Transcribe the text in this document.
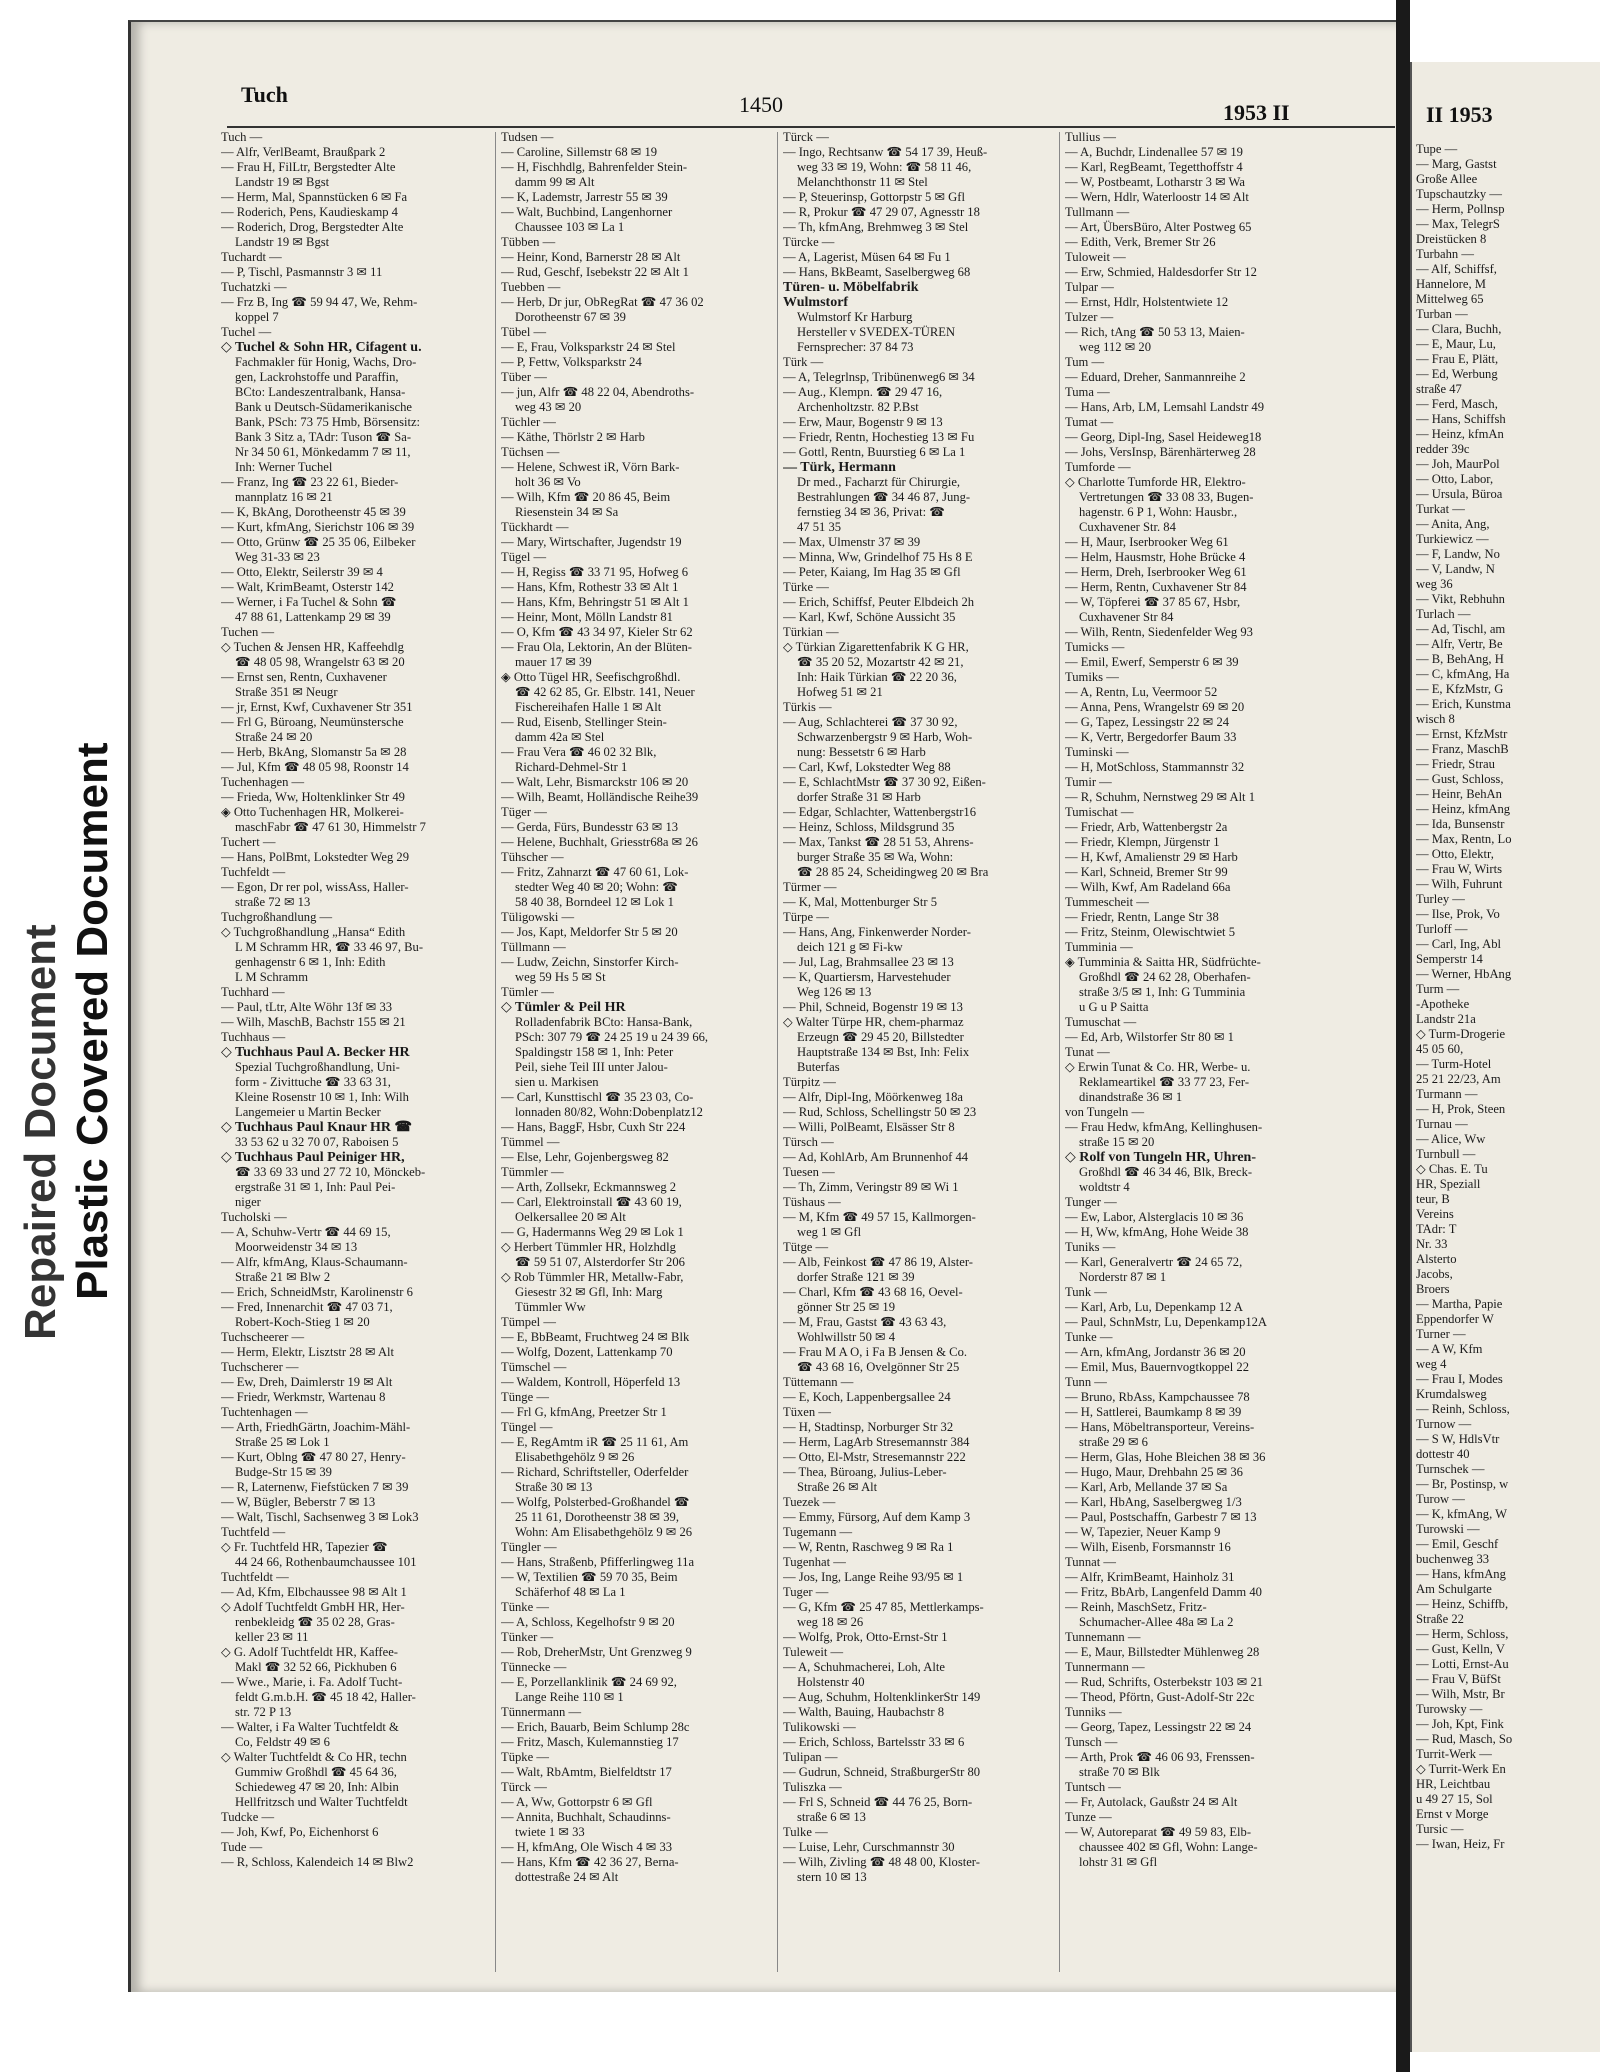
Repaired Document Plastic Covered Document
Tuch	1450	1953 II

Tuch —

— Alfr, VerlBeamt, Braußpark 2

— Frau H, FilLtr, Bergstedter Alte

Landstr 19 ✉ Bgst

— Herm, Mal, Spannstücken 6 ✉ Fa

— Roderich, Pens, Kaudieskamp 4

— Roderich, Drog, Bergstedter Alte

Landstr 19 ✉ Bgst

Tuchardt —

— P, Tischl, Pasmannstr 3 ✉ 11

Tuchatzki —

— Frz B, Ing ☎ 59 94 47, We, Rehm-

koppel 7

Tuchel —

◇ Tuchel & Sohn HR, Cifagent u.

Fachmakler für Honig, Wachs, Dro-

gen, Lackrohstoffe und Paraffin,

BCto: Landeszentralbank, Hansa-

Bank u Deutsch-Südamerikanische

Bank, PSch: 73 75 Hmb, Börsensitz:

Bank 3 Sitz a, TAdr: Tuson ☎ Sa-

Nr 34 50 61, Mönkedamm 7 ✉ 11,

Inh: Werner Tuchel

— Franz, Ing ☎ 23 22 61, Bieder-

mannplatz 16 ✉ 21

— K, BkAng, Dorotheenstr 45 ✉ 39

— Kurt, kfmAng, Sierichstr 106 ✉ 39

— Otto, Grünw ☎ 25 35 06, Eilbeker

Weg 31-33 ✉ 23

— Otto, Elektr, Seilerstr 39 ✉ 4

— Walt, KrimBeamt, Osterstr 142

— Werner, i Fa Tuchel & Sohn ☎

47 88 61, Lattenkamp 29 ✉ 39

Tuchen —

◇ Tuchen & Jensen HR, Kaffeehdlg

☎ 48 05 98, Wrangelstr 63 ✉ 20

— Ernst sen, Rentn, Cuxhavener

Straße 351 ✉ Neugr

— jr, Ernst, Kwf, Cuxhavener Str 351

— Frl G, Büroang, Neumünstersche

Straße 24 ✉ 20

— Herb, BkAng, Slomanstr 5a ✉ 28

— Jul, Kfm ☎ 48 05 98, Roonstr 14

Tuchenhagen —

— Frieda, Ww, Holtenklinker Str 49

◈ Otto Tuchenhagen HR, Molkerei-

maschFabr ☎ 47 61 30, Himmelstr 7

Tuchert —

— Hans, PolBmt, Lokstedter Weg 29

Tuchfeldt —

— Egon, Dr rer pol, wissAss, Haller-

straße 72 ✉ 13

Tuchgroßhandlung —

◇ Tuchgroßhandlung „Hansa“ Edith

L M Schramm HR, ☎ 33 46 97, Bu-

genhagenstr 6 ✉ 1, Inh: Edith

L M Schramm

Tuchhard —

— Paul, tLtr, Alte Wöhr 13f ✉ 33

— Wilh, MaschB, Bachstr 155 ✉ 21

Tuchhaus —

◇ Tuchhaus Paul A. Becker HR

Spezial Tuchgroßhandlung, Uni-

form - Zivittuche ☎ 33 63 31,

Kleine Rosenstr 10 ✉ 1, Inh: Wilh

Langemeier u Martin Becker

◇ Tuchhaus Paul Knaur HR ☎

33 53 62 u 32 70 07, Raboisen 5

◇ Tuchhaus Paul Peiniger HR,

☎ 33 69 33 und 27 72 10, Mönckeb-

ergstraße 31 ✉ 1, Inh: Paul Pei-

niger

Tucholski —

— A, Schuhw-Vertr ☎ 44 69 15,

Moorweidenstr 34 ✉ 13

— Alfr, kfmAng, Klaus-Schaumann-

Straße 21 ✉ Blw 2

— Erich, SchneidMstr, Karolinenstr 6

— Fred, Innenarchit ☎ 47 03 71,

Robert-Koch-Stieg 1 ✉ 20

Tuchscheerer —

— Herm, Elektr, Lisztstr 28 ✉ Alt

Tuchscherer —

— Ew, Dreh, Daimlerstr 19 ✉ Alt

— Friedr, Werkmstr, Wartenau 8

Tuchtenhagen —

— Arth, FriedhGärtn, Joachim-Mähl-

Straße 25 ✉ Lok 1

— Kurt, Oblng ☎ 47 80 27, Henry-

Budge-Str 15 ✉ 39

— R, Laternenw, Fiefstücken 7 ✉ 39

— W, Bügler, Beberstr 7 ✉ 13

— Walt, Tischl, Sachsenweg 3 ✉ Lok3

Tuchtfeld —

◇ Fr. Tuchtfeld HR, Tapezier ☎

44 24 66, Rothenbaumchaussee 101

Tuchtfeldt —

— Ad, Kfm, Elbchaussee 98 ✉ Alt 1

◇ Adolf Tuchtfeldt GmbH HR, Her-

renbekleidg ☎ 35 02 28, Gras-

keller 23 ✉ 11

◇ G. Adolf Tuchtfeldt HR, Kaffee-

Makl ☎ 32 52 66, Pickhuben 6

— Wwe., Marie, i. Fa. Adolf Tucht-

feldt G.m.b.H. ☎ 45 18 42, Haller-

str. 72 P 13

— Walter, i Fa Walter Tuchtfeldt &

Co, Feldstr 49 ✉ 6

◇ Walter Tuchtfeldt & Co HR, techn

Gummiw Großhdl ☎ 45 64 36,

Schiedeweg 47 ✉ 20, Inh: Albin

Hellfritzsch und Walter Tuchtfeldt

Tudcke —

— Joh, Kwf, Po, Eichenhorst 6

Tude —

— R, Schloss, Kalendeich 14 ✉ Blw2

Tudsen —

— Caroline, Sillemstr 68 ✉ 19

— H, Fischhdlg, Bahrenfelder Stein-

damm 99 ✉ Alt

— K, Lademstr, Jarrestr 55 ✉ 39

— Walt, Buchbind, Langenhorner

Chaussee 103 ✉ La 1

Tübben —

— Heinr, Kond, Barnerstr 28 ✉ Alt

— Rud, Geschf, Isebekstr 22 ✉ Alt 1

Tuebben —

— Herb, Dr jur, ObRegRat ☎ 47 36 02

Dorotheenstr 67 ✉ 39

Tübel —

— E, Frau, Volksparkstr 24 ✉ Stel

— P, Fettw, Volksparkstr 24

Tüber —

— jun, Alfr ☎ 48 22 04, Abendroths-

weg 43 ✉ 20

Tüchler —

— Käthe, Thörlstr 2 ✉ Harb

Tüchsen —

— Helene, Schwest iR, Vörn Bark-

holt 36 ✉ Vo

— Wilh, Kfm ☎ 20 86 45, Beim

Riesenstein 34 ✉ Sa

Tückhardt —

— Mary, Wirtschafter, Jugendstr 19

Tügel —

— H, Regiss ☎ 33 71 95, Hofweg 6

— Hans, Kfm, Rothestr 33 ✉ Alt 1

— Hans, Kfm, Behringstr 51 ✉ Alt 1

— Heinr, Mont, Mölln Landstr 81

— O, Kfm ☎ 43 34 97, Kieler Str 62

— Frau Ola, Lektorin, An der Blüten-

mauer 17 ✉ 39

◈ Otto Tügel HR, Seefischgroßhdl.

☎ 42 62 85, Gr. Elbstr. 141, Neuer

Fischereihafen Halle 1 ✉ Alt

— Rud, Eisenb, Stellinger Stein-

damm 42a ✉ Stel

— Frau Vera ☎ 46 02 32 Blk,

Richard-Dehmel-Str 1

— Walt, Lehr, Bismarckstr 106 ✉ 20

— Wilh, Beamt, Holländische Reihe39

Tüger —

— Gerda, Fürs, Bundesstr 63 ✉ 13

— Helene, Buchhalt, Griesstr68a ✉ 26

Tühscher —

— Fritz, Zahnarzt ☎ 47 60 61, Lok-

stedter Weg 40 ✉ 20; Wohn: ☎

58 40 38, Borndeel 12 ✉ Lok 1

Tüligowski —

— Jos, Kapt, Meldorfer Str 5 ✉ 20

Tüllmann —

— Ludw, Zeichn, Sinstorfer Kirch-

weg 59 Hs 5 ✉ St

Tümler —

◇ Tümler & Peil HR

Rolladenfabrik BCto: Hansa-Bank,

PSch: 307 79 ☎ 24 25 19 u 24 39 66,

Spaldingstr 158 ✉ 1, Inh: Peter

Peil, siehe Teil III unter Jalou-

sien u. Markisen

— Carl, Kunsttischl ☎ 35 23 03, Co-

lonnaden 80/82, Wohn:Dobenplatz12

— Hans, BaggF, Hsbr, Cuxh Str 224

Tümmel —

— Else, Lehr, Gojenbergsweg 82

Tümmler —

— Arth, Zollsekr, Eckmannsweg 2

— Carl, Elektroinstall ☎ 43 60 19,

Oelkersallee 20 ✉ Alt

— G, Hadermanns Weg 29 ✉ Lok 1

◇ Herbert Tümmler HR, Holzhdlg

☎ 59 51 07, Alsterdorfer Str 206

◇ Rob Tümmler HR, Metallw-Fabr,

Giesestr 32 ✉ Gfl, Inh: Marg

Tümmler Ww

Tümpel —

— E, BbBeamt, Fruchtweg 24 ✉ Blk

— Wolfg, Dozent, Lattenkamp 70

Tümschel —

— Waldem, Kontroll, Höperfeld 13

Tünge —

— Frl G, kfmAng, Preetzer Str 1

Tüngel —

— E, RegAmtm iR ☎ 25 11 61, Am

Elisabethgehölz 9 ✉ 26

— Richard, Schriftsteller, Oderfelder

Straße 30 ✉ 13

— Wolfg, Polsterbed-Großhandel ☎

25 11 61, Dorotheenstr 38 ✉ 39,

Wohn: Am Elisabethgehölz 9 ✉ 26

Tüngler —

— Hans, Straßenb, Pfifferlingweg 11a

— W, Textilien ☎ 59 70 35, Beim

Schäferhof 48 ✉ La 1

Tünke —

— A, Schloss, Kegelhofstr 9 ✉ 20

Tünker —

— Rob, DreherMstr, Unt Grenzweg 9

Tünnecke —

— E, Porzellanklinik ☎ 24 69 92,

Lange Reihe 110 ✉ 1

Tünnermann —

— Erich, Bauarb, Beim Schlump 28c

— Fritz, Masch, Kulemannstieg 17

Tüpke —

— Walt, RbAmtm, Bielfeldtstr 17

Türck —

— A, Ww, Gottorpstr 6 ✉ Gfl

— Annita, Buchhalt, Schaudinns-

twiete 1 ✉ 33

— H, kfmAng, Ole Wisch 4 ✉ 33

— Hans, Kfm ☎ 42 36 27, Berna-

dottestraße 24 ✉ Alt

Türck —

— Ingo, Rechtsanw ☎ 54 17 39, Heuß-

weg 33 ✉ 19, Wohn: ☎ 58 11 46,

Melanchthonstr 11 ✉ Stel

— P, Steuerinsp, Gottorpstr 5 ✉ Gfl

— R, Prokur ☎ 47 29 07, Agnesstr 18

— Th, kfmAng, Brehmweg 3 ✉ Stel

Türcke —

— A, Lagerist, Müsen 64 ✉ Fu 1

— Hans, BkBeamt, Saselbergweg 68

Türen- u. Möbelfabrik

Wulmstorf

Wulmstorf Kr Harburg

Hersteller v SVEDEX-TÜREN

Fernsprecher: 37 84 73

Türk —

— A, Telegrlnsp, Tribünenweg6 ✉ 34

— Aug., Klempn. ☎ 29 47 16,

Archenholtzstr. 82 P.Bst

— Erw, Maur, Bogenstr 9 ✉ 13

— Friedr, Rentn, Hochestieg 13 ✉ Fu

— Gottl, Rentn, Buurstieg 6 ✉ La 1

— Türk, Hermann

Dr med., Facharzt für Chirurgie,

Bestrahlungen ☎ 34 46 87, Jung-

fernstieg 34 ✉ 36, Privat: ☎

47 51 35

— Max, Ulmenstr 37 ✉ 39

— Minna, Ww, Grindelhof 75 Hs 8 E

— Peter, Kaiang, Im Hag 35 ✉ Gfl

Türke —

— Erich, Schiffsf, Peuter Elbdeich 2h

— Karl, Kwf, Schöne Aussicht 35

Türkian —

◇ Türkian Zigarettenfabrik K G HR,

☎ 35 20 52, Mozartstr 42 ✉ 21,

Inh: Haik Türkian ☎ 22 20 36,

Hofweg 51 ✉ 21

Türkis —

— Aug, Schlachterei ☎ 37 30 92,

Schwarzenbergstr 9 ✉ Harb, Woh-

nung: Bessetstr 6 ✉ Harb

— Carl, Kwf, Lokstedter Weg 88

— E, SchlachtMstr ☎ 37 30 92, Eißen-

dorfer Straße 31 ✉ Harb

— Edgar, Schlachter, Wattenbergstr16

— Heinz, Schloss, Mildsgrund 35

— Max, Tankst ☎ 28 51 53, Ahrens-

burger Straße 35 ✉ Wa, Wohn:

☎ 28 85 24, Scheidingweg 20 ✉ Bra

Türmer —

— K, Mal, Mottenburger Str 5

Türpe —

— Hans, Ang, Finkenwerder Norder-

deich 121 g ✉ Fi-kw

— Jul, Lag, Brahmsallee 23 ✉ 13

— K, Quartiersm, Harvestehuder

Weg 126 ✉ 13

— Phil, Schneid, Bogenstr 19 ✉ 13

◇ Walter Türpe HR, chem-pharmaz

Erzeugn ☎ 29 45 20, Billstedter

Hauptstraße 134 ✉ Bst, Inh: Felix

Buterfas

Türpitz —

— Alfr, Dipl-Ing, Möörkenweg 18a

— Rud, Schloss, Schellingstr 50 ✉ 23

— Willi, PolBeamt, Elsässer Str 8

Türsch —

— Ad, KohlArb, Am Brunnenhof 44

Tuesen —

— Th, Zimm, Veringstr 89 ✉ Wi 1

Tüshaus —

— M, Kfm ☎ 49 57 15, Kallmorgen-

weg 1 ✉ Gfl

Tütge —

— Alb, Feinkost ☎ 47 86 19, Alster-

dorfer Straße 121 ✉ 39

— Charl, Kfm ☎ 43 68 16, Oevel-

gönner Str 25 ✉ 19

— M, Frau, Gastst ☎ 43 63 43,

Wohlwillstr 50 ✉ 4

— Frau M A O, i Fa B Jensen & Co.

☎ 43 68 16, Ovelgönner Str 25

Tüttemann —

— E, Koch, Lappenbergsallee 24

Tüxen —

— H, Stadtinsp, Norburger Str 32

— Herm, LagArb Stresemannstr 384

— Otto, El-Mstr, Stresemannstr 222

— Thea, Büroang, Julius-Leber-

Straße 26 ✉ Alt

Tuezek —

— Emmy, Fürsorg, Auf dem Kamp 3

Tugemann —

— W, Rentn, Raschweg 9 ✉ Ra 1

Tugenhat —

— Jos, Ing, Lange Reihe 93/95 ✉ 1

Tuger —

— G, Kfm ☎ 25 47 85, Mettlerkamps-

weg 18 ✉ 26

— Wolfg, Prok, Otto-Ernst-Str 1

Tuleweit —

— A, Schuhmacherei, Loh, Alte

Holstenstr 40

— Aug, Schuhm, HoltenklinkerStr 149

— Walth, Bauing, Haubachstr 8

Tulikowski —

— Erich, Schloss, Bartelsstr 33 ✉ 6

Tulipan —

— Gudrun, Schneid, StraßburgerStr 80

Tuliszka —

— Frl S, Schneid ☎ 44 76 25, Born-

straße 6 ✉ 13

Tulke —

— Luise, Lehr, Curschmannstr 30

— Wilh, Zivling ☎ 48 48 00, Kloster-

stern 10 ✉ 13

Tullius —

— A, Buchdr, Lindenallee 57 ✉ 19

— Karl, RegBeamt, Tegetthoffstr 4

— W, Postbeamt, Lotharstr 3 ✉ Wa

— Wern, Hdlr, Waterloostr 14 ✉ Alt

Tullmann —

— Art, ÜbersBüro, Alter Postweg 65

— Edith, Verk, Bremer Str 26

Tuloweit —

— Erw, Schmied, Haldesdorfer Str 12

Tulpar —

— Ernst, Hdlr, Holstentwiete 12

Tulzer —

— Rich, tAng ☎ 50 53 13, Maien-

weg 112 ✉ 20

Tum —

— Eduard, Dreher, Sanmannreihe 2

Tuma —

— Hans, Arb, LM, Lemsahl Landstr 49

Tumat —

— Georg, Dipl-Ing, Sasel Heideweg18

— Johs, VersInsp, Bärenhärterweg 28

Tumforde —

◇ Charlotte Tumforde HR, Elektro-

Vertretungen ☎ 33 08 33, Bugen-

hagenstr. 6 P 1, Wohn: Hausbr.,

Cuxhavener Str. 84

— H, Maur, Iserbrooker Weg 61

— Helm, Hausmstr, Hohe Brücke 4

— Herm, Dreh, Iserbrooker Weg 61

— Herm, Rentn, Cuxhavener Str 84

— W, Töpferei ☎ 37 85 67, Hsbr,

Cuxhavener Str 84

— Wilh, Rentn, Siedenfelder Weg 93

Tumicks —

— Emil, Ewerf, Semperstr 6 ✉ 39

Tumiks —

— A, Rentn, Lu, Veermoor 52

— Anna, Pens, Wrangelstr 69 ✉ 20

— G, Tapez, Lessingstr 22 ✉ 24

— K, Vertr, Bergedorfer Baum 33

Tuminski —

— H, MotSchloss, Stammannstr 32

Tumir —

— R, Schuhm, Nernstweg 29 ✉ Alt 1

Tumischat —

— Friedr, Arb, Wattenbergstr 2a

— Friedr, Klempn, Jürgenstr 1

— H, Kwf, Amalienstr 29 ✉ Harb

— Karl, Schneid, Bremer Str 99

— Wilh, Kwf, Am Radeland 66a

Tummescheit —

— Friedr, Rentn, Lange Str 38

— Fritz, Steinm, Olewischtwiet 5

Tumminia —

◈ Tumminia & Saitta HR, Südfrüchte-

Großhdl ☎ 24 62 28, Oberhafen-

straße 3/5 ✉ 1, Inh: G Tumminia

u G u P Saitta

Tumuschat —

— Ed, Arb, Wilstorfer Str 80 ✉ 1

Tunat —

◇ Erwin Tunat & Co. HR, Werbe- u.

Reklameartikel ☎ 33 77 23, Fer-

dinandstraße 36 ✉ 1

von Tungeln —

— Frau Hedw, kfmAng, Kellinghusen-

straße 15 ✉ 20

◇ Rolf von Tungeln HR, Uhren-

Großhdl ☎ 46 34 46, Blk, Breck-

woldtstr 4

Tunger —

— Ew, Labor, Alsterglacis 10 ✉ 36

— H, Ww, kfmAng, Hohe Weide 38

Tuniks —

— Karl, Generalvertr ☎ 24 65 72,

Norderstr 87 ✉ 1

Tunk —

— Karl, Arb, Lu, Depenkamp 12 A

— Paul, SchnMstr, Lu, Depenkamp12A

Tunke —

— Arn, kfmAng, Jordanstr 36 ✉ 20

— Emil, Mus, Bauernvogtkoppel 22

Tunn —

— Bruno, RbAss, Kampchaussee 78

— H, Sattlerei, Baumkamp 8 ✉ 39

— Hans, Möbeltransporteur, Vereins-

straße 29 ✉ 6

— Herm, Glas, Hohe Bleichen 38 ✉ 36

— Hugo, Maur, Drehbahn 25 ✉ 36

— Karl, Arb, Mellande 37 ✉ Sa

— Karl, HbAng, Saselbergweg 1/3

— Paul, Postschaffn, Garbestr 7 ✉ 13

— W, Tapezier, Neuer Kamp 9

— Wilh, Eisenb, Forsmannstr 16

Tunnat —

— Alfr, KrimBeamt, Hainholz 31

— Fritz, BbArb, Langenfeld Damm 40

— Reinh, MaschSetz, Fritz-

Schumacher-Allee 48a ✉ La 2

Tunnemann —

— E, Maur, Billstedter Mühlenweg 28

Tunnermann —

— Rud, Schrifts, Osterbekstr 103 ✉ 21

— Theod, Pförtn, Gust-Adolf-Str 22c

Tunniks —

— Georg, Tapez, Lessingstr 22 ✉ 24

Tunsch —

— Arth, Prok ☎ 46 06 93, Frenssen-

straße 70 ✉ Blk

Tuntsch —

— Fr, Autolack, Gaußstr 24 ✉ Alt

Tunze —

— W, Autoreparat ☎ 49 59 83, Elb-

chaussee 402 ✉ Gfl, Wohn: Lange-

lohstr 31 ✉ Gfl

II 1953

Tupe —

— Marg, Gastst

Große Allee

Tupschautzky —

— Herm, Pollnsp

— Max, TelegrS

Dreistücken 8

Turbahn —

— Alf, Schiffsf,

Hannelore, M

Mittelweg 65

Turban —

— Clara, Buchh,

— E, Maur, Lu,

— Frau E, Plätt,

— Ed, Werbung

straße 47

— Ferd, Masch,

— Hans, Schiffsh

— Heinz, kfmAn

redder 39c

— Joh, MaurPol

— Otto, Labor,

— Ursula, Büroa

Turkat —

— Anita, Ang,

Turkiewicz —

— F, Landw, No

— V, Landw, N

weg 36

— Vikt, Rebhuhn

Turlach —

— Ad, Tischl, am

— Alfr, Vertr, Be

— B, BehAng, H

— C, kfmAng, Ha

— E, KfzMstr, G

— Erich, Kunstma

wisch 8

— Ernst, KfzMstr

— Franz, MaschB

— Friedr, Strau

— Gust, Schloss,

— Heinr, BehAn

— Heinz, kfmAng

— Ida, Bunsenstr

— Max, Rentn, Lo

— Otto, Elektr,

— Frau W, Wirts

— Wilh, Fuhrunt

Turley —

— Ilse, Prok, Vo

Turloff —

— Carl, Ing, Abl

Semperstr 14

— Werner, HbAng

Turm —

-Apotheke

Landstr 21a

◇ Turm-Drogerie

45 05 60,

— Turm-Hotel

25 21 22/23, Am

Turmann —

— H, Prok, Steen

Turnau —

— Alice, Ww

Turnbull —

◇ Chas. E. Tu

HR, Speziall

teur, B

Vereins

TAdr: T

Nr. 33

Alsterto

Jacobs,

Broers

— Martha, Papie

Eppendorfer W

Turner —

— A W, Kfm

weg 4

— Frau I, Modes

Krumdalsweg

— Reinh, Schloss,

Turnow —

— S W, HdlsVtr

dottestr 40

Turnschek —

— Br, Postinsp, w

Turow —

— K, kfmAng, W

Turowski —

— Emil, Geschf

buchenweg 33

— Hans, kfmAng

Am Schulgarte

— Heinz, Schiffb,

Straße 22

— Herm, Schloss,

— Gust, Kelln, V

— Lotti, Ernst-Au

— Frau V, BüfSt

— Wilh, Mstr, Br

Turowsky —

— Joh, Kpt, Fink

— Rud, Masch, So

Turrit-Werk —

◇ Turrit-Werk En

HR, Leichtbau

u 49 27 15, Sol

Ernst v Morge

Tursic —

— Iwan, Heiz, Fr
